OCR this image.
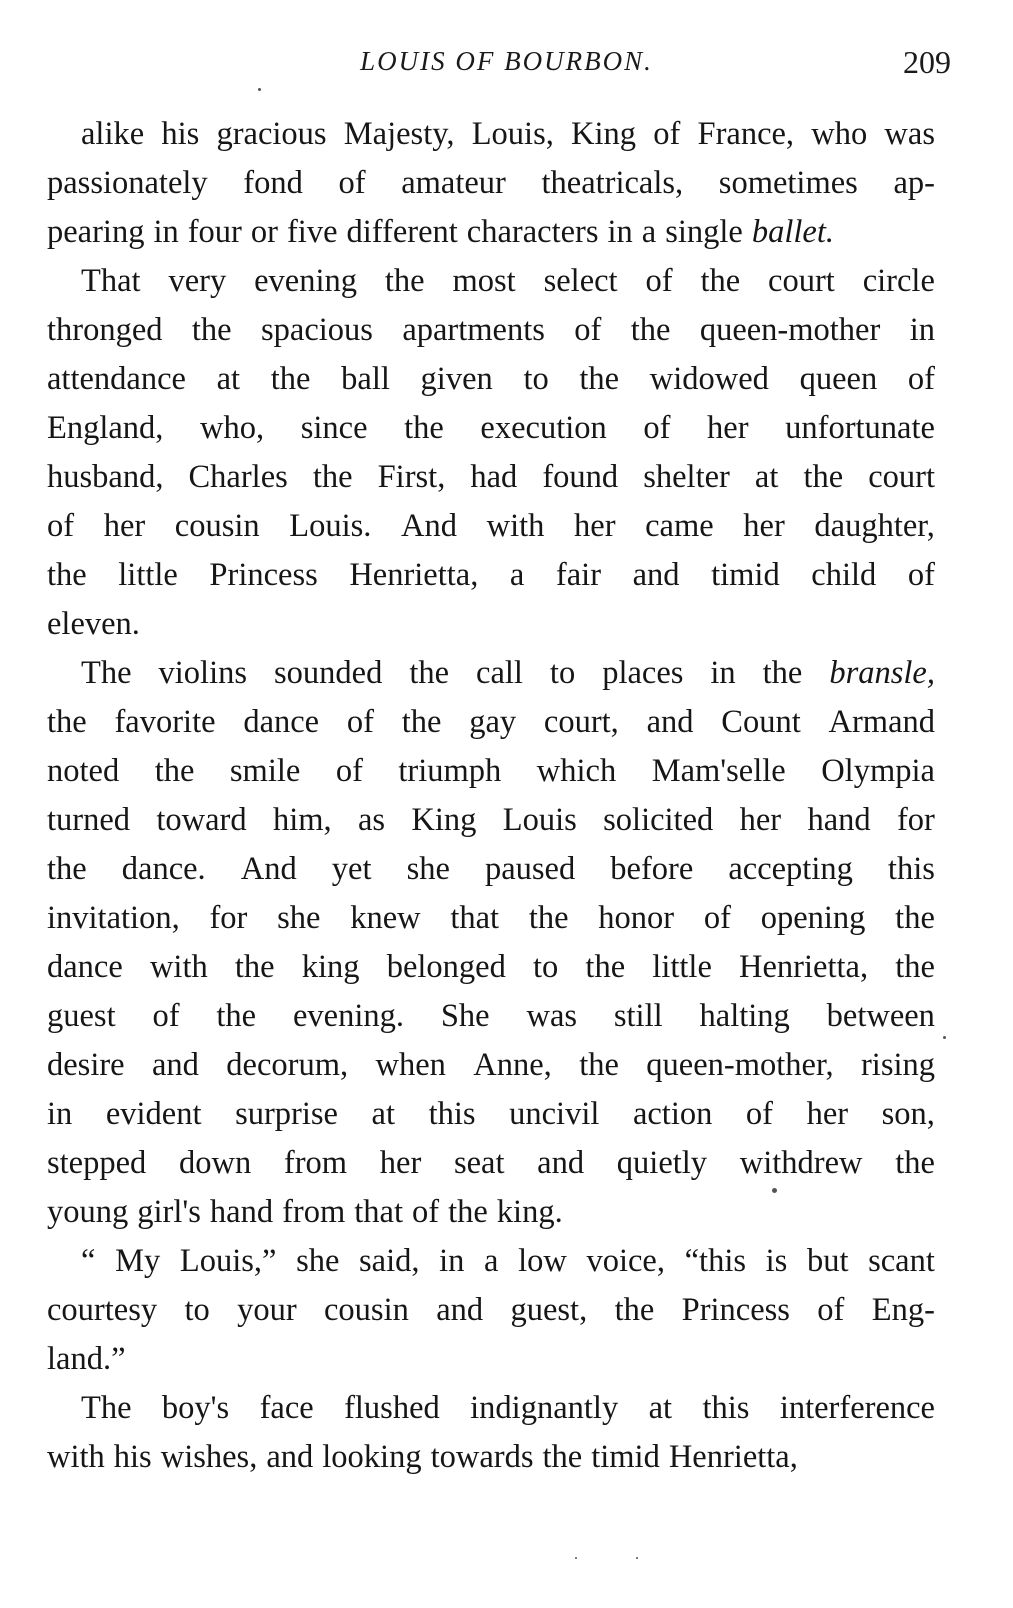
LOUIS OF BOURBON.	209
alike his gracious Majesty, Louis, King of France, who was
passionately fond of amateur theatricals, sometimes ap-
pearing in four or five different characters in a single ballet.
That very evening the most select of the court circle
thronged the spacious apartments of the queen-mother in
attendance at the ball given to the widowed queen of
England, who, since the execution of her unfortunate
husband, Charles the First, had found shelter at the court
of her cousin Louis. And with her came her daughter,
the little Princess Henrietta, a fair and timid child of
eleven.
The violins sounded the call to places in the bransle,
the favorite dance of the gay court, and Count Armand
noted the smile of triumph which Mam'selle Olympia
turned toward him, as King Louis solicited her hand for
the dance. And yet she paused before accepting this
invitation, for she knew that the honor of opening the
dance with the king belonged to the little Henrietta, the
guest of the evening. She was still halting between
desire and decorum, when Anne, the queen-mother, rising
in evident surprise at this uncivil action of her son,
stepped down from her seat and quietly withdrew the
young girl's hand from that of the king.
“ My Louis,” she said, in a low voice, “this is but scant
courtesy to your cousin and guest, the Princess of Eng-
land.”
The boy's face flushed indignantly at this interference
with his wishes, and looking towards the timid Henrietta,
